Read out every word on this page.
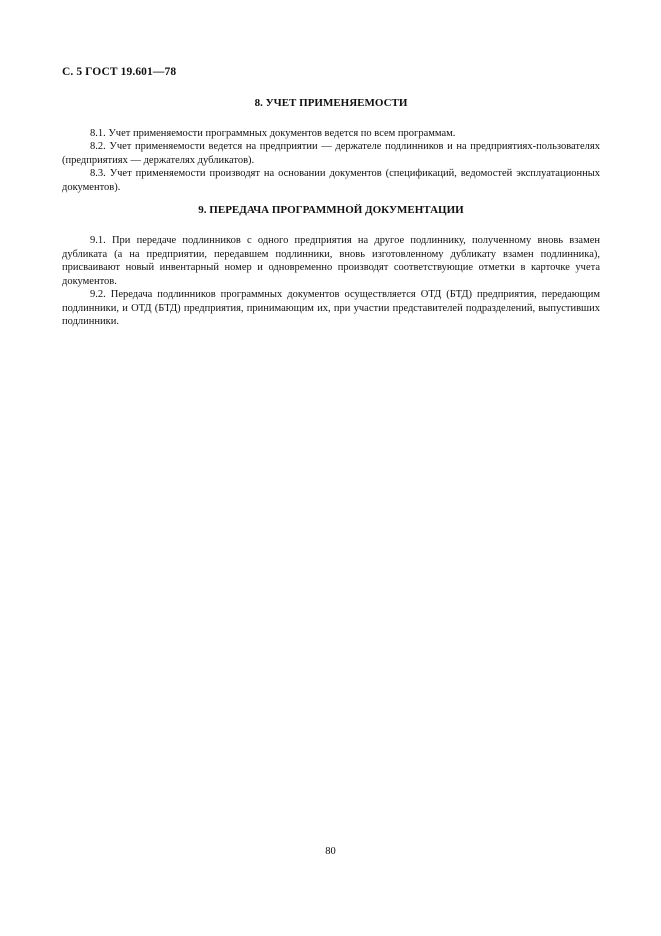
С. 5 ГОСТ 19.601—78
8. УЧЕТ ПРИМЕНЯЕМОСТИ

8.1. Учет применяемости программных документов ведется по всем программам.

8.2. Учет применяемости ведется на предприятии — держателе подлинников и на предприятиях-пользователях (предприятиях — держателях дубликатов).

8.3. Учет применяемости производят на основании документов (спецификаций, ведомостей эксплуатационных документов).

9. ПЕРЕДАЧА ПРОГРАММНОЙ ДОКУМЕНТАЦИИ

9.1. При передаче подлинников с одного предприятия на другое подлиннику, полученному вновь взамен дубликата (а на предприятии, передавшем подлинники, вновь изготовленному дубликату взамен подлинника), присваивают новый инвентарный номер и одновременно производят соответствующие отметки в карточке учета документов.

9.2. Передача подлинников программных документов осуществляется ОТД (БТД) предприятия, передающим подлинники, и ОТД (БТД) предприятия, принимающим их, при участии представителей подразделений, выпустивших подлинники.

80
